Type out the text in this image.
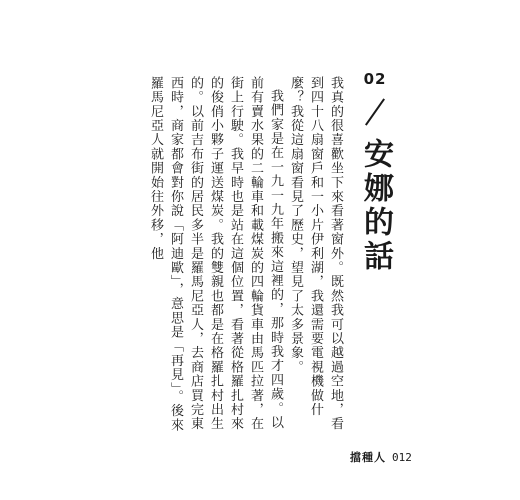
02
安娜的話

我真的很喜歡坐下來看著窗外。既然我可以越過空地，看到四十八扇窗戶和一小片伊利湖，我還需要電視機做什麼？我從這扇窗看見了歷史，望見了太多景象。

我們家是在一九一九年搬來這裡的，那時我才四歲。以前有賣水果的二輪車和載煤炭的四輪貨車由馬匹拉著，在街上行駛。我早時也是站在這個位置，看著從格羅扎村來的俊俏小夥子運送煤炭。我的雙親也都是在格羅扎村出生的。以前吉布街的居民多半是羅馬尼亞人，去商店買完東西時，商家都會對你說「阿迪歐」，意思是「再見」。後來羅馬尼亞人就開始往外移，他

擋種人 012
